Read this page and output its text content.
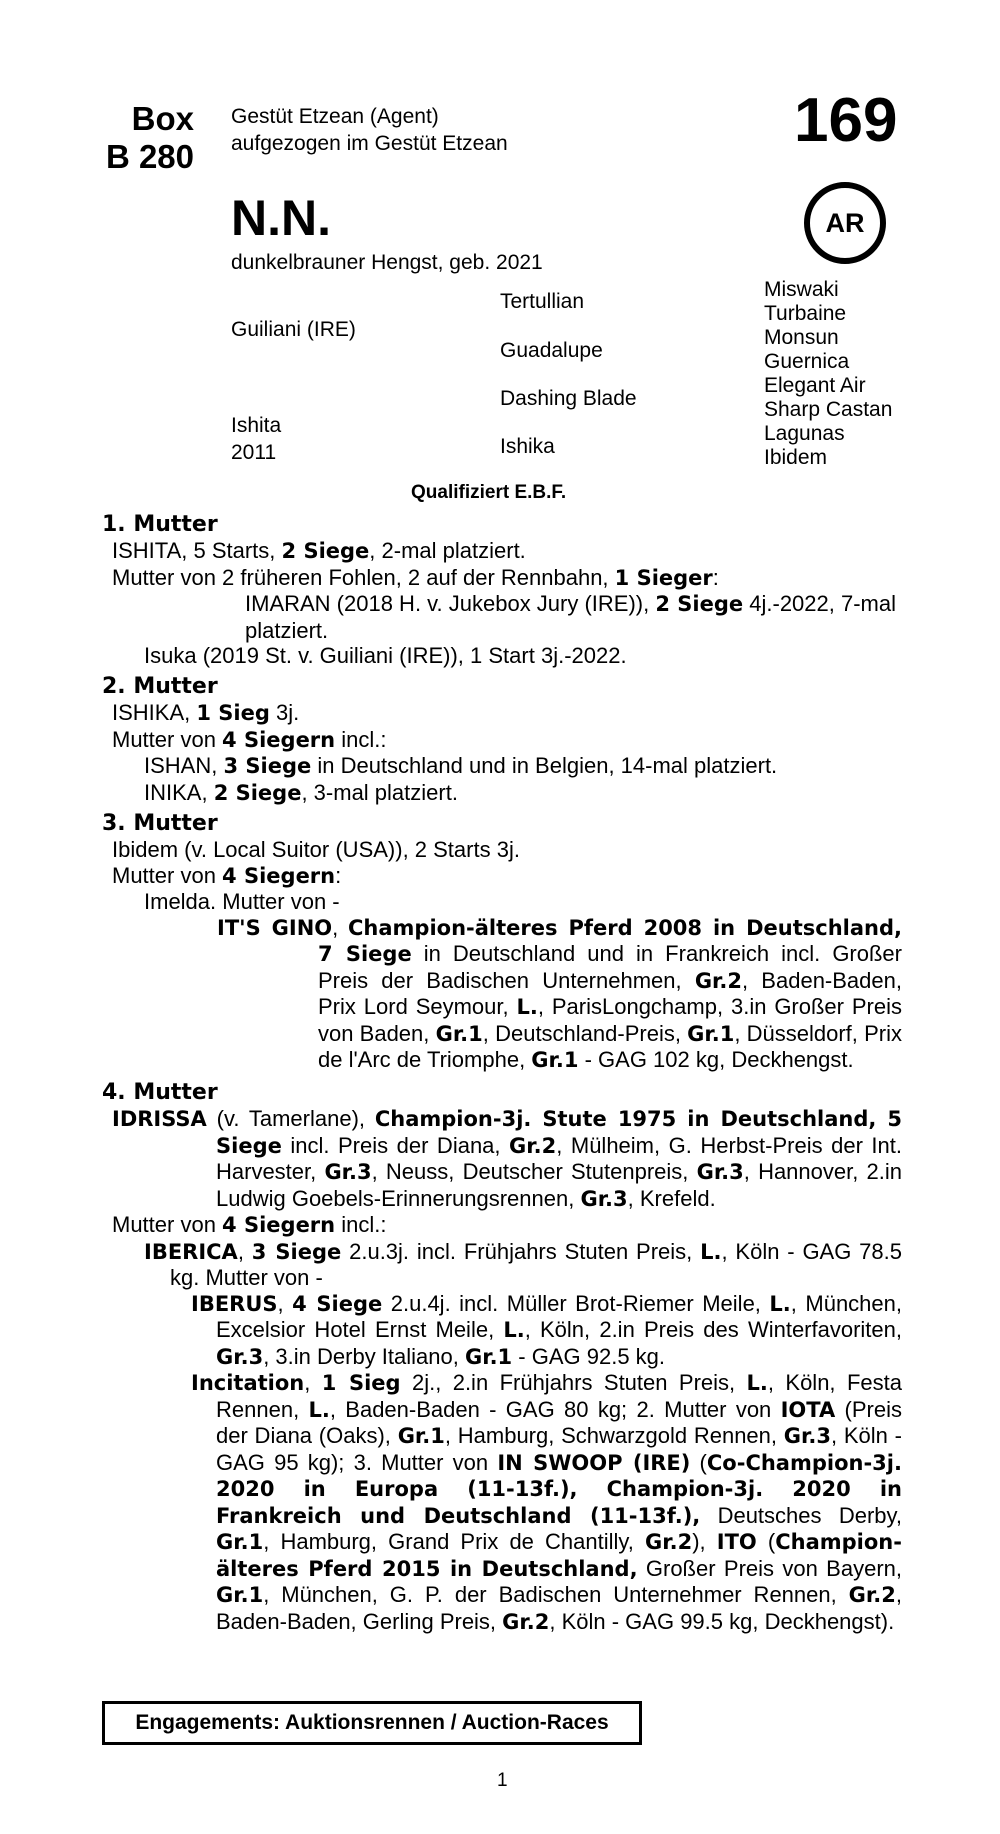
Box
B 280
Gestüt Etzean (Agent)
aufgezogen im Gestüt Etzean	169
AR
N.N.
dunkelbrauner Hengst, geb. 2021
Guiliani (IRE)
Ishita
2011
Tertullian
Guadalupe
Dashing Blade
Ishika
Miswaki
Turbaine
Monsun
Guernica
Elegant Air
Sharp Castan
Lagunas
Ibidem
Qualifiziert E.B.F.
1. Mutter
ISHITA, 5 Starts, 2 Siege, 2-mal platziert.
Mutter von 2 früheren Fohlen, 2 auf der Rennbahn, 1 Sieger:
IMARAN (2018 H. v. Jukebox Jury (IRE)), 2 Siege 4j.-2022, 7-mal platziert.
Isuka (2019 St. v. Guiliani (IRE)), 1 Start 3j.-2022.
2. Mutter
ISHIKA, 1 Sieg 3j.
Mutter von 4 Siegern incl.:
ISHAN, 3 Siege in Deutschland und in Belgien, 14-mal platziert.
INIKA, 2 Siege, 3-mal platziert.
3. Mutter
Ibidem (v. Local Suitor (USA)), 2 Starts 3j.
Mutter von 4 Siegern:
Imelda. Mutter von -
IT'S GINO, Champion-älteres Pferd 2008 in Deutschland, 7 Siege in Deutschland und in Frankreich incl. Großer Preis der Badischen Unternehmen, Gr.2, Baden-Baden, Prix Lord Seymour, L., ParisLongchamp, 3.in Großer Preis von Baden, Gr.1, Deutschland-Preis, Gr.1, Düsseldorf, Prix de l'Arc de Triomphe, Gr.1 - GAG 102 kg, Deckhengst.
4. Mutter
IDRISSA (v. Tamerlane), Champion-3j. Stute 1975 in Deutschland, 5 Siege incl. Preis der Diana, Gr.2, Mülheim, G. Herbst-Preis der Int. Harvester, Gr.3, Neuss, Deutscher Stutenpreis, Gr.3, Hannover, 2.in Ludwig Goebels-Erinnerungsrennen, Gr.3, Krefeld.
Mutter von 4 Siegern incl.:
IBERICA, 3 Siege 2.u.3j. incl. Frühjahrs Stuten Preis, L., Köln - GAG 78.5 kg. Mutter von -
IBERUS, 4 Siege 2.u.4j. incl. Müller Brot-Riemer Meile, L., München, Excelsior Hotel Ernst Meile, L., Köln, 2.in Preis des Winterfavoriten, Gr.3, 3.in Derby Italiano, Gr.1 - GAG 92.5 kg.
Incitation, 1 Sieg 2j., 2.in Frühjahrs Stuten Preis, L., Köln, Festa Rennen, L., Baden-Baden - GAG 80 kg; 2. Mutter von IOTA (Preis der Diana (Oaks), Gr.1, Hamburg, Schwarzgold Rennen, Gr.3, Köln - GAG 95 kg); 3. Mutter von IN SWOOP (IRE) (Co-Champion-3j. 2020 in Europa (11-13f.), Champion-3j. 2020 in Frankreich und Deutschland (11-13f.), Deutsches Derby, Gr.1, Hamburg, Grand Prix de Chantilly, Gr.2), ITO (Champion-älteres Pferd 2015 in Deutschland, Großer Preis von Bayern, Gr.1, München, G. P. der Badischen Unternehmer Rennen, Gr.2, Baden-Baden, Gerling Preis, Gr.2, Köln - GAG 99.5 kg, Deckhengst).
Engagements: Auktionsrennen / Auction-Races
1
